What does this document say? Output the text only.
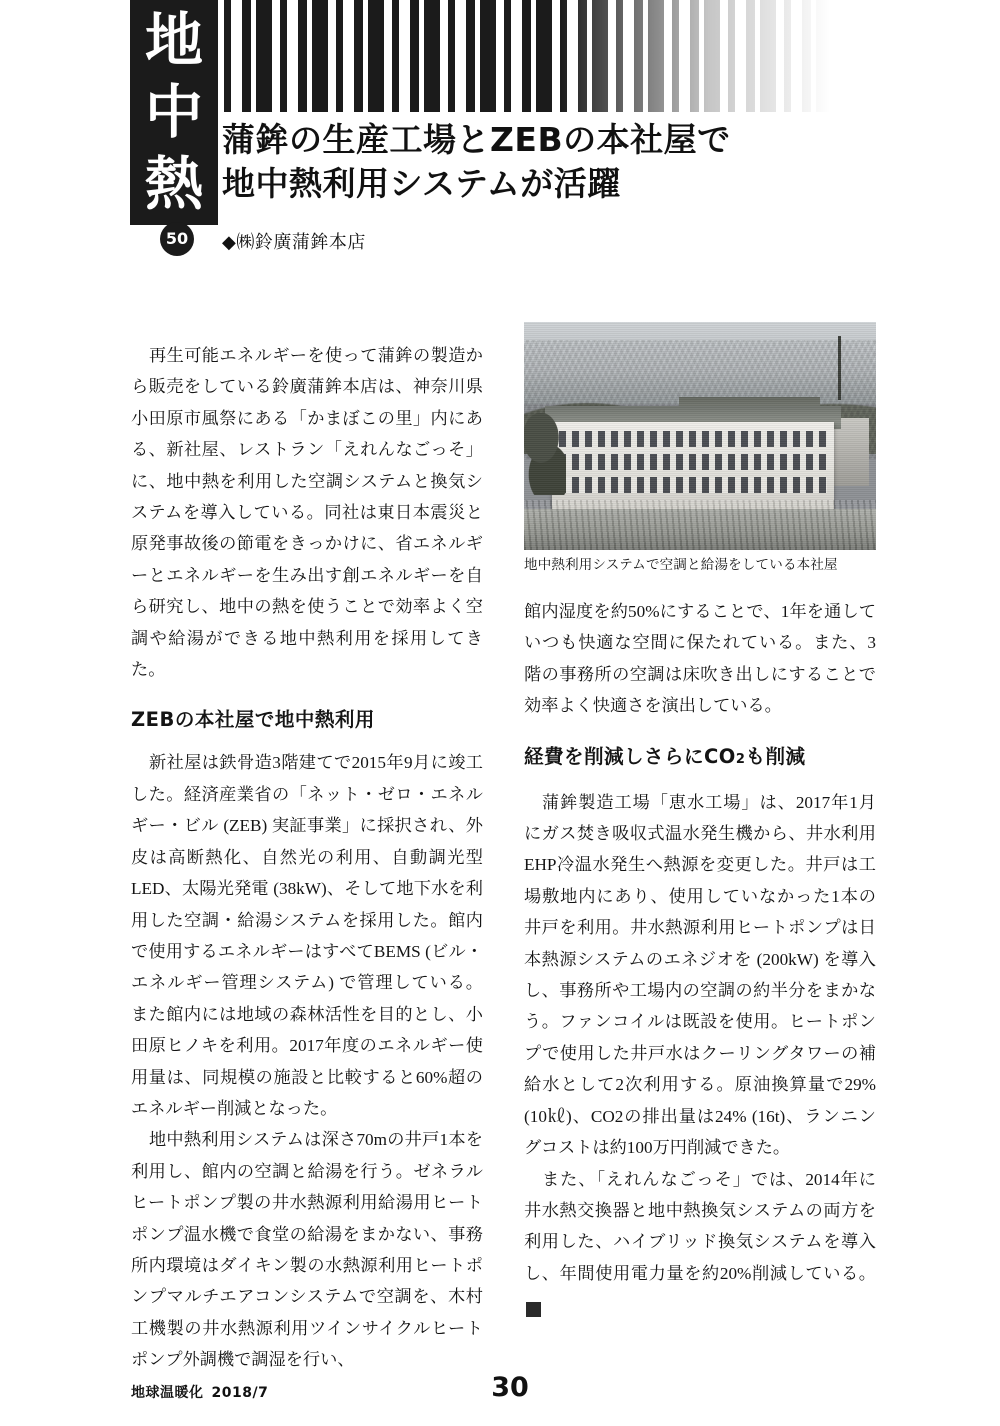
地
中
熱
蒲鉾の生産工場とZEBの本社屋で
地中熱利用システムが活躍
50	◆㈱鈴廣蒲鉾本店

再生可能エネルギーを使って蒲鉾の製造から販売をしている鈴廣蒲鉾本店は、神奈川県小田原市風祭にある「かまぼこの里」内にある、新社屋、レストラン「えれんなごっそ」に、地中熱を利用した空調システムと換気システムを導入している。同社は東日本震災と原発事故後の節電をきっかけに、省エネルギーとエネルギーを生み出す創エネルギーを自ら研究し、地中の熱を使うことで効率よく空調や給湯ができる地中熱利用を採用してきた。

ZEBの本社屋で地中熱利用

新社屋は鉄骨造3階建てで2015年9月に竣工した。経済産業省の「ネット・ゼロ・エネルギー・ビル (ZEB) 実証事業」に採択され、外皮は高断熱化、自然光の利用、自動調光型LED、太陽光発電 (38kW)、そして地下水を利用した空調・給湯システムを採用した。館内で使用するエネルギーはすべてBEMS (ビル・エネルギー管理システム) で管理している。また館内には地域の森林活性を目的とし、小田原ヒノキを利用。2017年度のエネルギー使用量は、同規模の施設と比較すると60%超のエネルギー削減となった。

地中熱利用システムは深さ70mの井戸1本を利用し、館内の空調と給湯を行う。ゼネラルヒートポンプ製の井水熱源利用給湯用ヒートポンプ温水機で食堂の給湯をまかない、事務所内環境はダイキン製の水熱源利用ヒートポンプマルチエアコンシステムで空調を、木村工機製の井水熱源利用ツインサイクルヒートポンプ外調機で調湿を行い、

地中熱利用システムで空調と給湯をしている本社屋

館内湿度を約50%にすることで、1年を通していつも快適な空間に保たれている。また、3階の事務所の空調は床吹き出しにすることで効率よく快適さを演出している。

経費を削減しさらにCO2も削減

蒲鉾製造工場「恵水工場」は、2017年1月にガス焚き吸収式温水発生機から、井水利用EHP冷温水発生へ熱源を変更した。井戸は工場敷地内にあり、使用していなかった1本の井戸を利用。井水熱源利用ヒートポンプは日本熱源システムのエネジオを (200kW) を導入し、事務所や工場内の空調の約半分をまかなう。ファンコイルは既設を使用。ヒートポンプで使用した井戸水はクーリングタワーの補給水として2次利用する。原油換算量で29% (10㎘)、CO2の排出量は24% (16t)、ランニングコストは約100万円削減できた。

また、「えれんなごっそ」では、2014年に井水熱交換器と地中熱換気システムの両方を利用した、ハイブリッド換気システムを導入し、年間使用電力量を約20%削減している。終

地球温暖化 2018/7	30
